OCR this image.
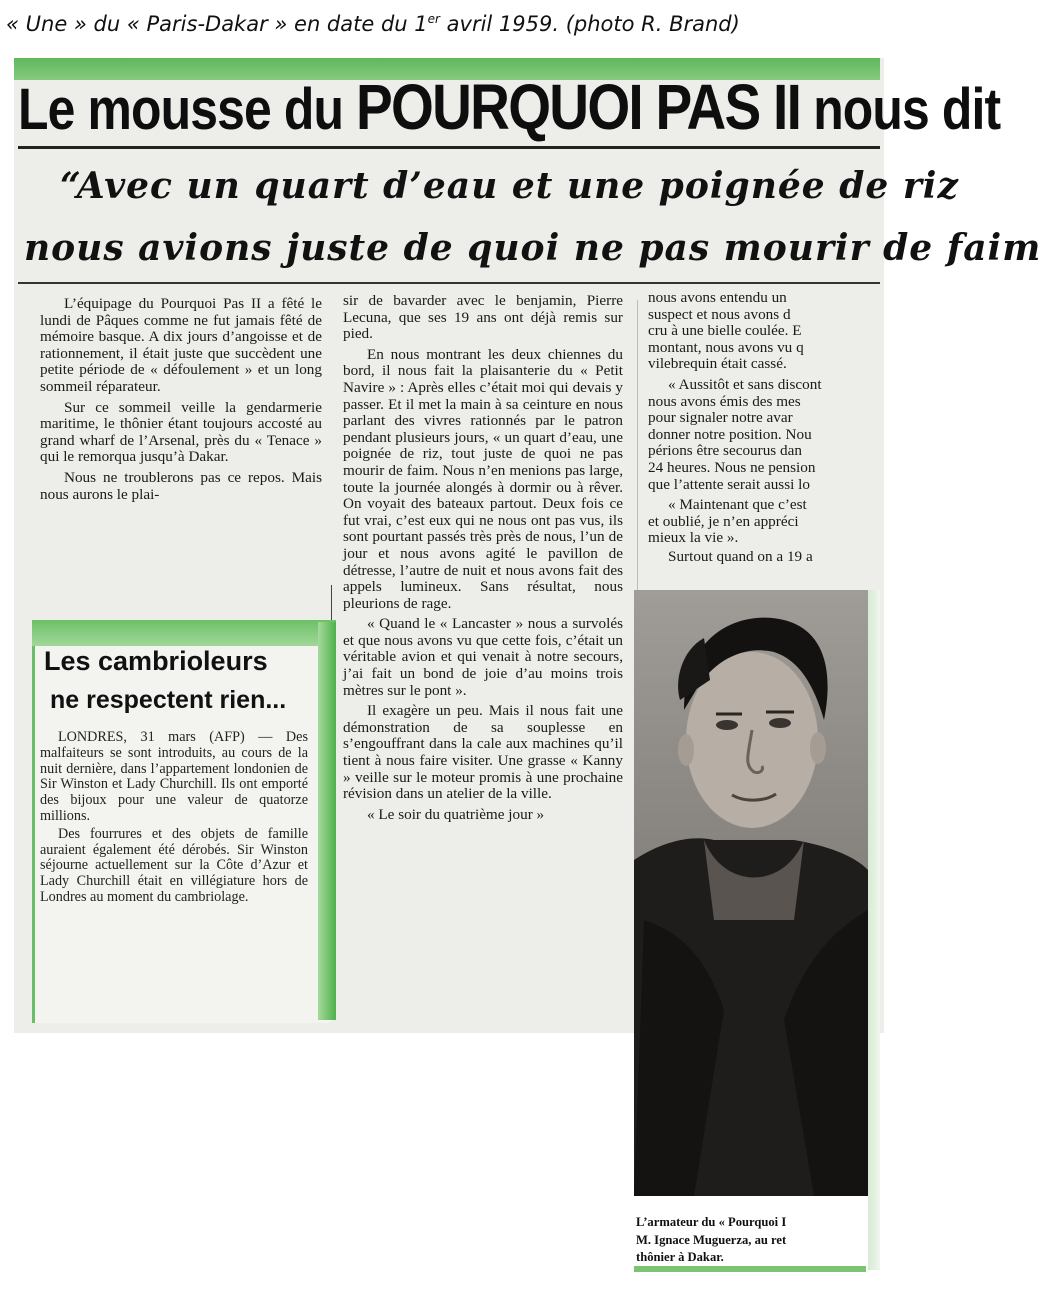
« Une » du « Paris-Dakar » en date du 1er avril 1959. (photo R. Brand)
Le mousse du POURQUOI PAS II nous dit
“Avec un quart d’eau et une poignée de riz
nous avions juste de quoi ne pas mourir de faim

L’équipage du Pourquoi Pas II a fêté le lundi de Pâques comme ne fut jamais fêté de mémoire basque. A dix jours d’angoisse et de rationnement, il était juste que succèdent une petite période de « défoulement » et un long sommeil réparateur.

Sur ce sommeil veille la gendarmerie maritime, le thônier étant toujours accosté au grand wharf de l’Arsenal, près du « Tenace » qui le remorqua jusqu’à Dakar.

Nous ne troublerons pas ce repos. Mais nous aurons le plai-

sir de bavarder avec le benjamin, Pierre Lecuna, que ses 19 ans ont déjà remis sur pied.

En nous montrant les deux chiennes du bord, il nous fait la plaisanterie du « Petit Navire » : Après elles c’était moi qui devais y passer. Et il met la main à sa ceinture en nous parlant des vivres rationnés par le patron pendant plusieurs jours, « un quart d’eau, une poignée de riz, tout juste de quoi ne pas mourir de faim. Nous n’en menions pas large, toute la journée alongés à dormir ou à rêver. On voyait des bateaux partout. Deux fois ce fut vrai, c’est eux qui ne nous ont pas vus, ils sont pourtant passés très près de nous, l’un de jour et nous avons agité le pavillon de détresse, l’autre de nuit et nous avons fait des appels lumineux. Sans résultat, nous pleurions de rage.

« Quand le « Lancaster » nous a survolés et que nous avons vu que cette fois, c’était un véritable avion et qui venait à notre secours, j’ai fait un bond de joie d’au moins trois mètres sur le pont ».

Il exagère un peu. Mais il nous fait une démonstration de sa souplesse en s’engouffrant dans la cale aux machines qu’il tient à nous faire visiter. Une grasse « Kanny » veille sur le moteur promis à une prochaine révision dans un atelier de la ville.

« Le soir du quatrième jour »

nous avons entendu un
suspect et nous avons d
cru à une bielle coulée. E
montant, nous avons vu q
vilebrequin était cassé.
« Aussitôt et sans discont
nous avons émis des mes
pour signaler notre avar
donner notre position. Nou
périons être secourus dan
24 heures. Nous ne pension
que l’attente serait aussi lo
« Maintenant que c’est
et oublié, je n’en appréci
mieux la vie ».
Surtout quand on a 19 a
Les cambrioleurs
ne respectent rien...

LONDRES, 31 mars (AFP) — Des malfaiteurs se sont introduits, au cours de la nuit dernière, dans l’appartement londonien de Sir Winston et Lady Churchill. Ils ont emporté des bijoux pour une valeur de quatorze millions.

Des fourrures et des objets de famille auraient également été dérobés. Sir Winston séjourne actuellement sur la Côte d’Azur et Lady Churchill était en villégiature hors de Londres au moment du cambriolage.

L’armateur du « Pourquoi I
M. Ignace Muguerza, au ret
thônier à Dakar.
